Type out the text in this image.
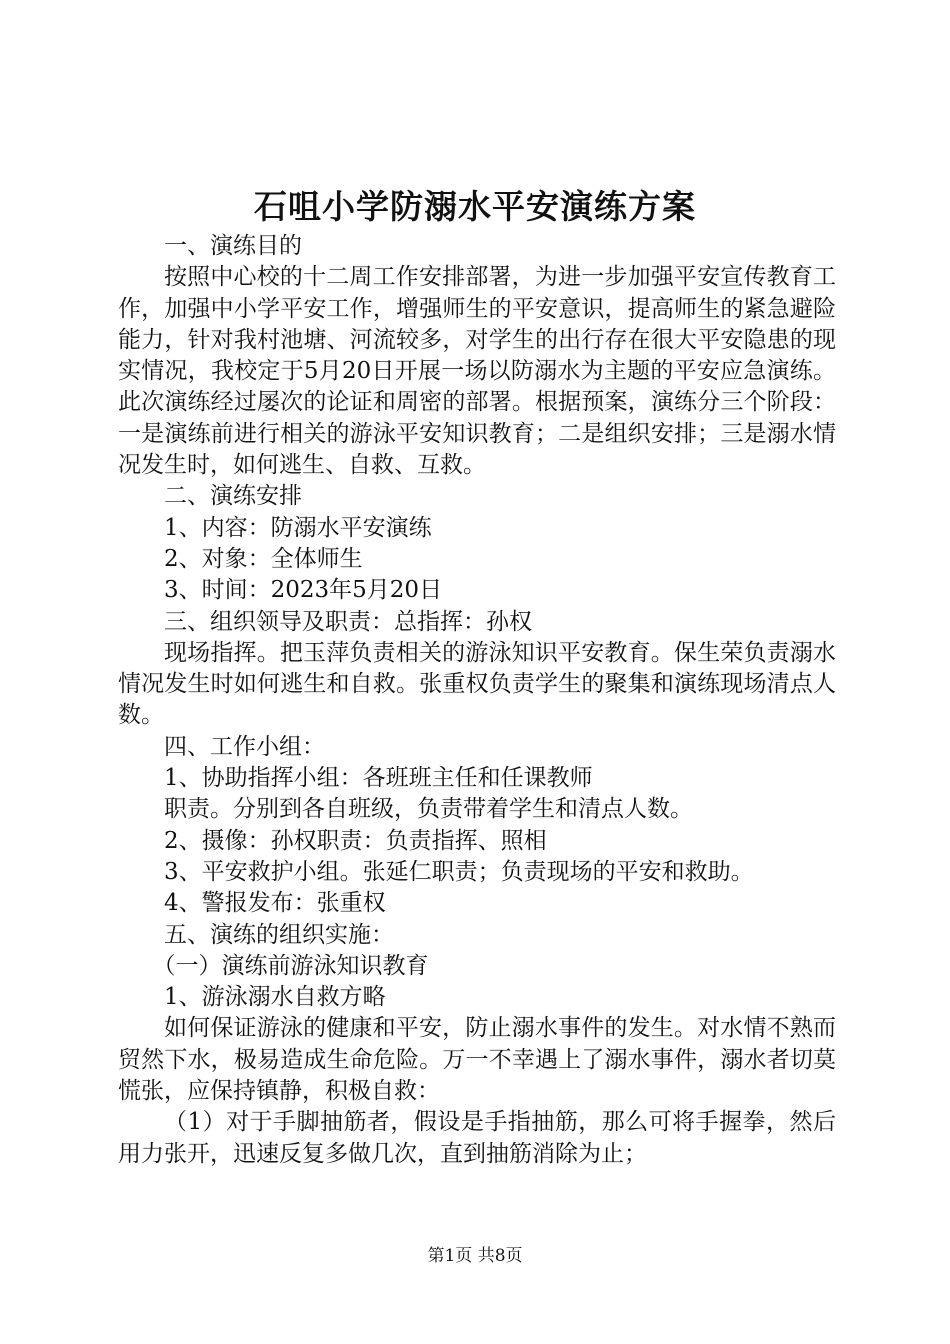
石咀小学防溺水平安演练方案

一、演练目的

按照中心校的十二周工作安排部署，为进一步加强平安宣传教育工作，加强中小学平安工作，增强师生的平安意识，提高师生的紧急避险能力，针对我村池塘、河流较多，对学生的出行存在很大平安隐患的现实情况，我校定于5月20日开展一场以防溺水为主题的平安应急演练。此次演练经过屡次的论证和周密的部署。根据预案，演练分三个阶段：一是演练前进行相关的游泳平安知识教育；二是组织安排；三是溺水情况发生时，如何逃生、自救、互救。

二、演练安排

1、内容：防溺水平安演练

2、对象：全体师生

3、时间：2023年5月20日

三、组织领导及职责：总指挥：孙权

现场指挥。把玉萍负责相关的游泳知识平安教育。保生荣负责溺水情况发生时如何逃生和自救。张重权负责学生的聚集和演练现场清点人数。

四、工作小组：

1、协助指挥小组：各班班主任和任课教师

职责。分别到各自班级，负责带着学生和清点人数。

2、摄像：孙权职责：负责指挥、照相

3、平安救护小组。张延仁职责；负责现场的平安和救助。

4、警报发布：张重权

五、演练的组织实施：

（一）演练前游泳知识教育

1、游泳溺水自救方略

如何保证游泳的健康和平安，防止溺水事件的发生。对水情不熟而贸然下水，极易造成生命危险。万一不幸遇上了溺水事件，溺水者切莫慌张，应保持镇静，积极自救：

（1）对于手脚抽筋者，假设是手指抽筋，那么可将手握拳，然后用力张开，迅速反复多做几次，直到抽筋消除为止；

第1页 共8页
